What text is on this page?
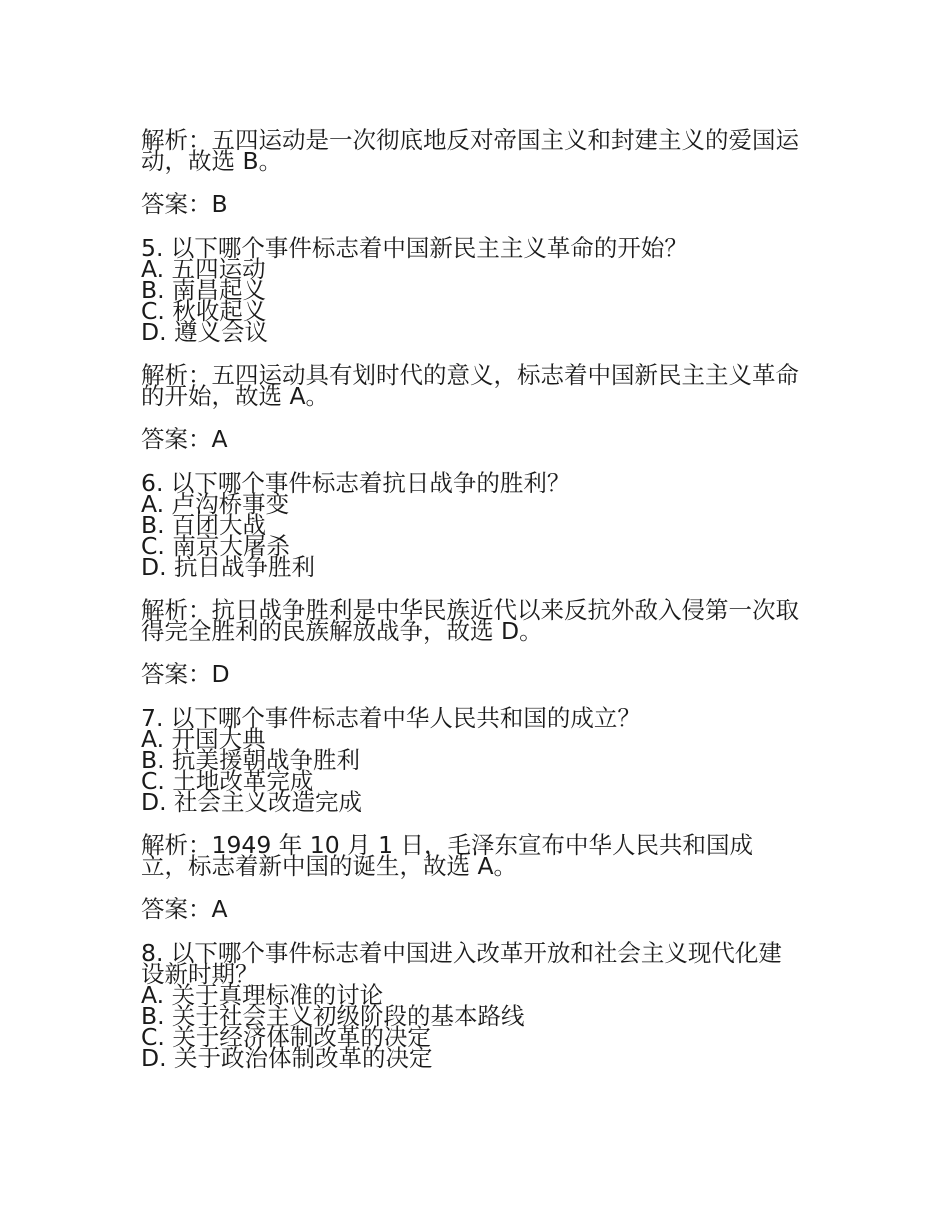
解析：五四运动是一次彻底地反对帝国主义和封建主义的爱国运动，故选 B。

答案：B
5. 以下哪个事件标志着中国新民主主义革命的开始？
A. 五四运动
B. 南昌起义
C. 秋收起义
D. 遵义会议

解析：五四运动具有划时代的意义，标志着中国新民主主义革命的开始，故选 A。

答案：A
6. 以下哪个事件标志着抗日战争的胜利？
A. 卢沟桥事变
B. 百团大战
C. 南京大屠杀
D. 抗日战争胜利

解析：抗日战争胜利是中华民族近代以来反抗外敌入侵第一次取得完全胜利的民族解放战争，故选 D。

答案：D
7. 以下哪个事件标志着中华人民共和国的成立？
A. 开国大典
B. 抗美援朝战争胜利
C. 土地改革完成
D. 社会主义改造完成

解析：1949 年 10 月 1 日，毛泽东宣布中华人民共和国成立，标志着新中国的诞生，故选 A。

答案：A

8. 以下哪个事件标志着中国进入改革开放和社会主义现代化建设新时期？

A. 关于真理标准的讨论
B. 关于社会主义初级阶段的基本路线
C. 关于经济体制改革的决定
D. 关于政治体制改革的决定
